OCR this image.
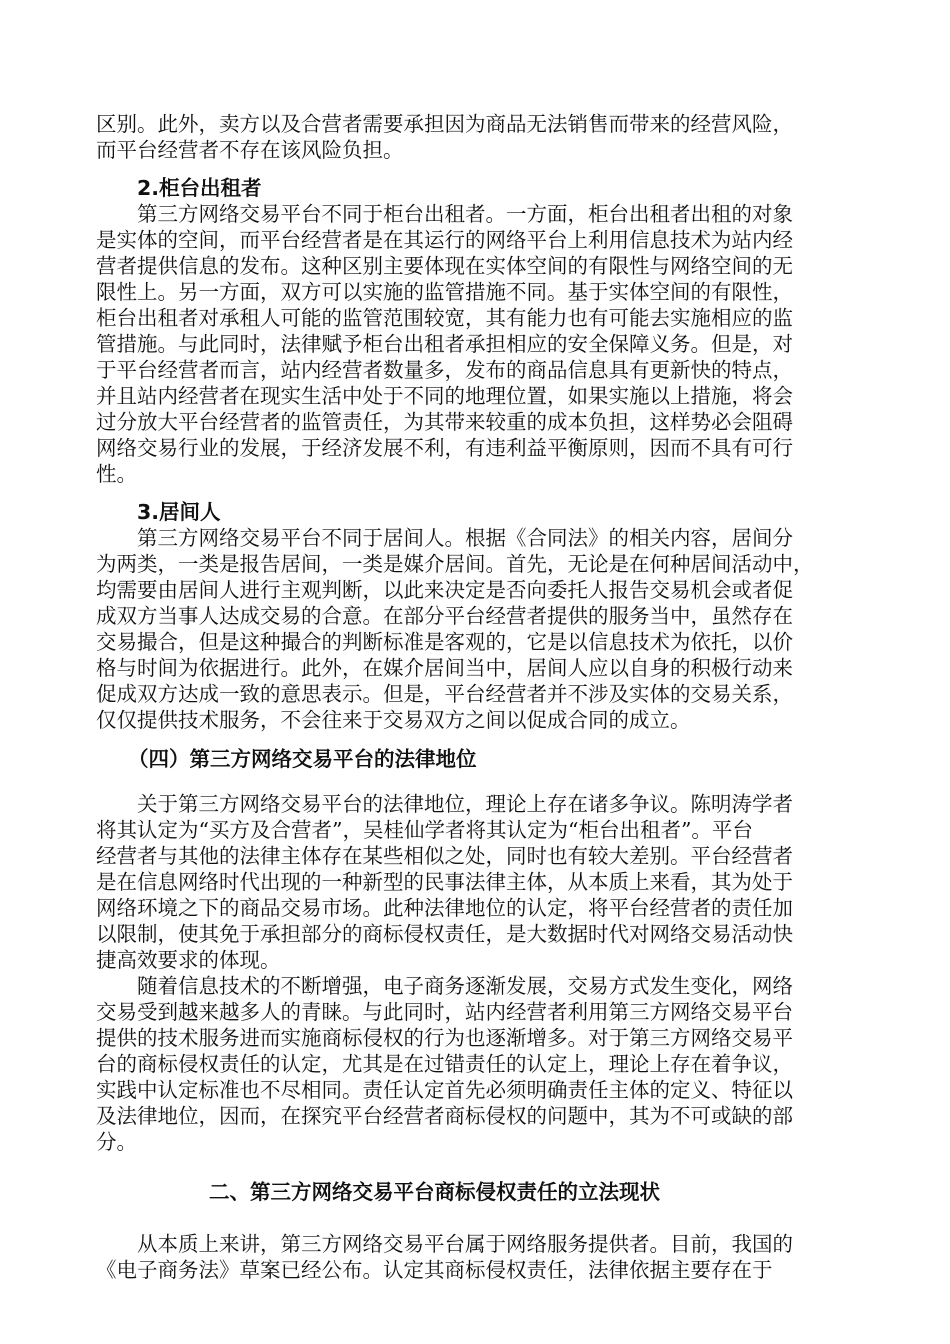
区别。此外，卖方以及合营者需要承担因为商品无法销售而带来的经营风险，
而平台经营者不存在该风险负担。
2.柜台出租者
第三方网络交易平台不同于柜台出租者。一方面，柜台出租者出租的对象
是实体的空间，而平台经营者是在其运行的网络平台上利用信息技术为站内经
营者提供信息的发布。这种区别主要体现在实体空间的有限性与网络空间的无
限性上。另一方面，双方可以实施的监管措施不同。基于实体空间的有限性，
柜台出租者对承租人可能的监管范围较宽，其有能力也有可能去实施相应的监
管措施。与此同时，法律赋予柜台出租者承担相应的安全保障义务。但是，对
于平台经营者而言，站内经营者数量多，发布的商品信息具有更新快的特点，
并且站内经营者在现实生活中处于不同的地理位置，如果实施以上措施，将会
过分放大平台经营者的监管责任，为其带来较重的成本负担，这样势必会阻碍
网络交易行业的发展，于经济发展不利，有违利益平衡原则，因而不具有可行
性。
3.居间人
第三方网络交易平台不同于居间人。根据《合同法》的相关内容，居间分
为两类，一类是报告居间，一类是媒介居间。首先，无论是在何种居间活动中，
均需要由居间人进行主观判断，以此来决定是否向委托人报告交易机会或者促
成双方当事人达成交易的合意。在部分平台经营者提供的服务当中，虽然存在
交易撮合，但是这种撮合的判断标准是客观的，它是以信息技术为依托，以价
格与时间为依据进行。此外，在媒介居间当中，居间人应以自身的积极行动来
促成双方达成一致的意思表示。但是，平台经营者并不涉及实体的交易关系，
仅仅提供技术服务，不会往来于交易双方之间以促成合同的成立。
（四）第三方网络交易平台的法律地位
关于第三方网络交易平台的法律地位，理论上存在诸多争议。陈明涛学者
将其认定为“买方及合营者”，吴桂仙学者将其认定为“柜台出租者”。平台
经营者与其他的法律主体存在某些相似之处，同时也有较大差别。平台经营者
是在信息网络时代出现的一种新型的民事法律主体，从本质上来看，其为处于
网络环境之下的商品交易市场。此种法律地位的认定，将平台经营者的责任加
以限制，使其免于承担部分的商标侵权责任，是大数据时代对网络交易活动快
捷高效要求的体现。
随着信息技术的不断增强，电子商务逐渐发展，交易方式发生变化，网络
交易受到越来越多人的青睐。与此同时，站内经营者利用第三方网络交易平台
提供的技术服务进而实施商标侵权的行为也逐渐增多。对于第三方网络交易平
台的商标侵权责任的认定，尤其是在过错责任的认定上，理论上存在着争议，
实践中认定标准也不尽相同。责任认定首先必须明确责任主体的定义、特征以
及法律地位，因而，在探究平台经营者商标侵权的问题中，其为不可或缺的部
分。
二、第三方网络交易平台商标侵权责任的立法现状
从本质上来讲，第三方网络交易平台属于网络服务提供者。目前，我国的
《电子商务法》草案已经公布。认定其商标侵权责任，法律依据主要存在于
